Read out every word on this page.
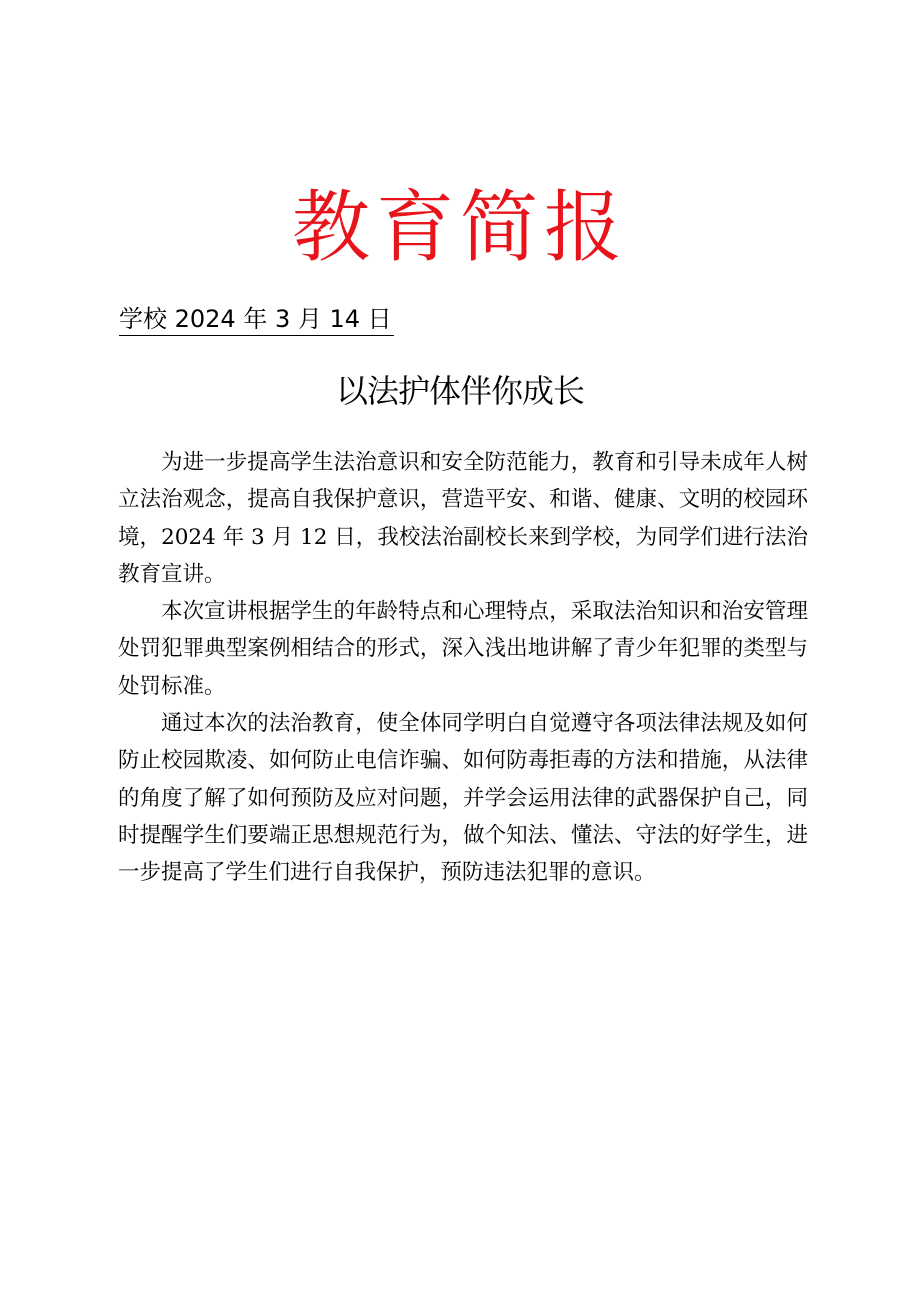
教育简报
学校 2024 年 3 月 14 日
以法护体伴你成长

为进一步提高学生法治意识和安全防范能力，教育和引导未成年人树立法治观念，提高自我保护意识，营造平安、和谐、健康、文明的校园环境，2024 年 3 月 12 日，我校法治副校长来到学校，为同学们进行法治教育宣讲。

本次宣讲根据学生的年龄特点和心理特点，采取法治知识和治安管理处罚犯罪典型案例相结合的形式，深入浅出地讲解了青少年犯罪的类型与处罚标准。

通过本次的法治教育，使全体同学明白自觉遵守各项法律法规及如何防止校园欺凌、如何防止电信诈骗、如何防毒拒毒的方法和措施，从法律的角度了解了如何预防及应对问题，并学会运用法律的武器保护自己，同时提醒学生们要端正思想规范行为，做个知法、懂法、守法的好学生，进一步提高了学生们进行自我保护，预防违法犯罪的意识。
